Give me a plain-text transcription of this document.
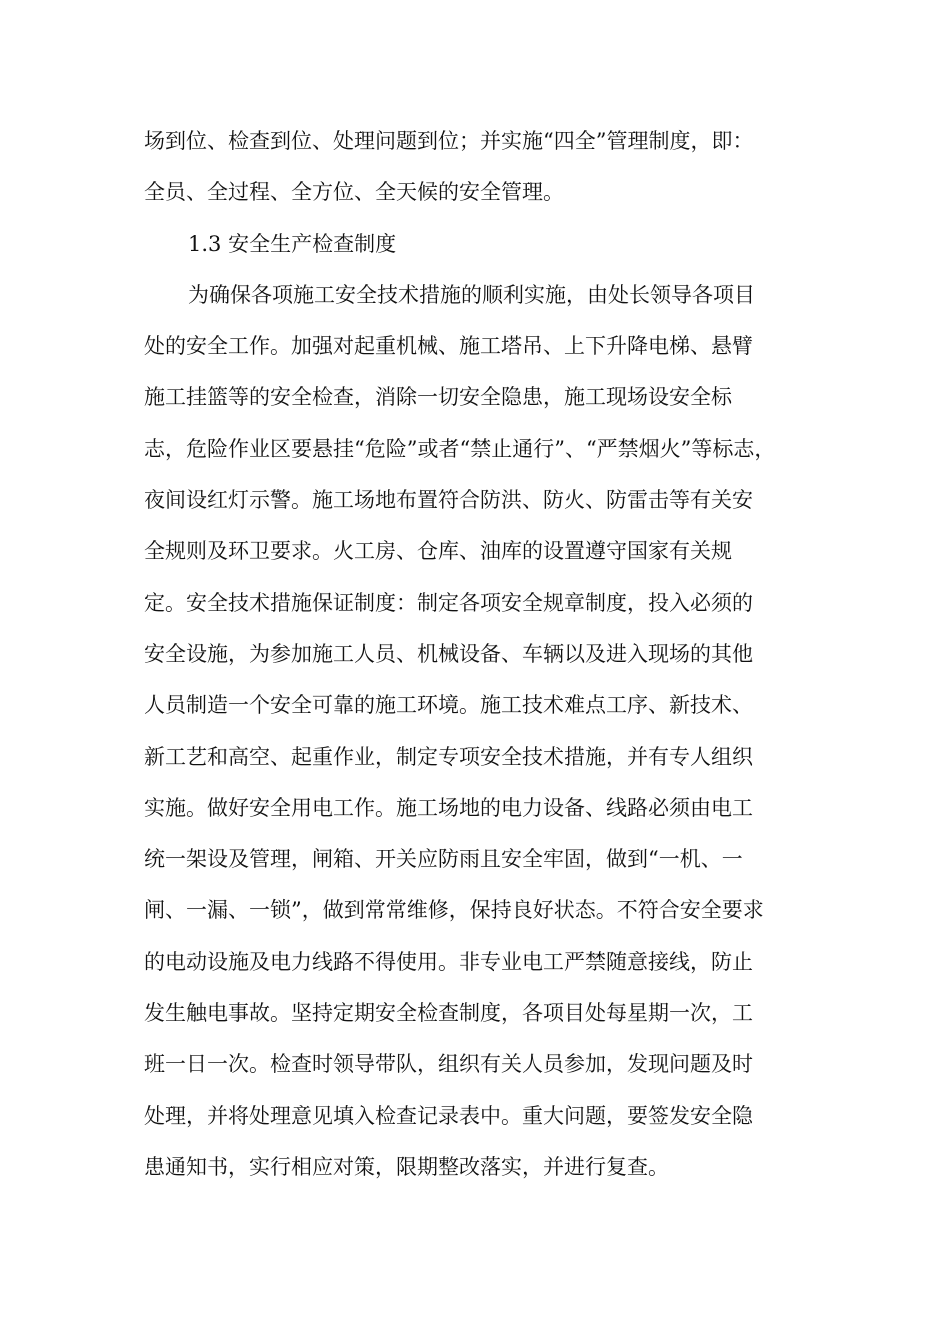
场到位、检查到位、处理问题到位；并实施“四全”管理制度，即：
全员、全过程、全方位、全天候的安全管理。
1.3 安全生产检查制度
为确保各项施工安全技术措施的顺利实施，由处长领导各项目
处的安全工作。加强对起重机械、施工塔吊、上下升降电梯、悬臂
施工挂篮等的安全检查，消除一切安全隐患，施工现场设安全标
志，危险作业区要悬挂“危险”或者“禁止通行”、“严禁烟火”等标志，
夜间设红灯示警。施工场地布置符合防洪、防火、防雷击等有关安
全规则及环卫要求。火工房、仓库、油库的设置遵守国家有关规
定。安全技术措施保证制度：制定各项安全规章制度，投入必须的
安全设施，为参加施工人员、机械设备、车辆以及进入现场的其他
人员制造一个安全可靠的施工环境。施工技术难点工序、新技术、
新工艺和高空、起重作业，制定专项安全技术措施，并有专人组织
实施。做好安全用电工作。施工场地的电力设备、线路必须由电工
统一架设及管理，闸箱、开关应防雨且安全牢固，做到“一机、一
闸、一漏、一锁”，做到常常维修，保持良好状态。不符合安全要求
的电动设施及电力线路不得使用。非专业电工严禁随意接线，防止
发生触电事故。坚持定期安全检查制度，各项目处每星期一次，工
班一日一次。检查时领导带队，组织有关人员参加，发现问题及时
处理，并将处理意见填入检查记录表中。重大问题，要签发安全隐
患通知书，实行相应对策，限期整改落实，并进行复查。
